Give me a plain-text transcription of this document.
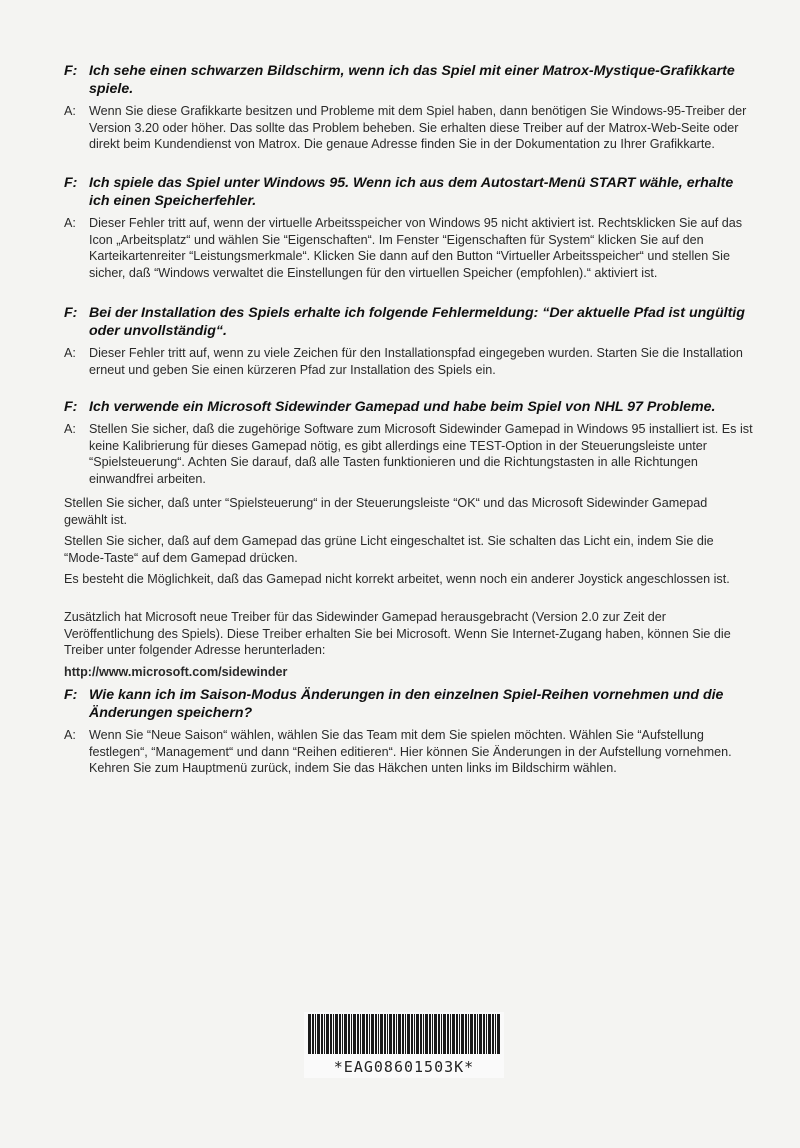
F: Ich sehe einen schwarzen Bildschirm, wenn ich das Spiel mit einer Matrox-Mystique-Grafikkarte spiele.
A:	Wenn Sie diese Grafikkarte besitzen und Probleme mit dem Spiel haben, dann benötigen Sie Windows-95-Treiber der Version 3.20 oder höher. Das sollte das Problem beheben. Sie erhalten diese Treiber auf der Matrox-Web-Seite oder direkt beim Kundendienst von Matrox. Die genaue Adresse finden Sie in der Dokumentation zu Ihrer Grafikkarte.
F: Ich spiele das Spiel unter Windows 95. Wenn ich aus dem Autostart-Menü START wähle, erhalte ich einen Speicherfehler.
A:	Dieser Fehler tritt auf, wenn der virtuelle Arbeitsspeicher von Windows 95 nicht aktiviert ist. Rechtsklicken Sie auf das Icon „Arbeitsplatz“ und wählen Sie “Eigenschaften“. Im Fenster “Eigenschaften für System“ klicken Sie auf den Karteikartenreiter “Leistungsmerkmale“. Klicken Sie dann auf den Button “Virtueller Arbeitsspeicher“ und stellen Sie sicher, daß “Windows verwaltet die Einstellungen für den virtuellen Speicher (empfohlen).“ aktiviert ist.
F: Bei der Installation des Spiels erhalte ich folgende Fehlermeldung: “Der aktuelle Pfad ist ungültig oder unvollständig“.
A:	Dieser Fehler tritt auf, wenn zu viele Zeichen für den Installationspfad eingegeben wurden. Starten Sie die Installation erneut und geben Sie einen kürzeren Pfad zur Installation des Spiels ein.
F: Ich verwende ein Microsoft Sidewinder Gamepad und habe beim Spiel von NHL 97 Probleme.
A:	Stellen Sie sicher, daß die zugehörige Software zum Microsoft Sidewinder Gamepad in Windows 95 installiert ist. Es ist keine Kalibrierung für dieses Gamepad nötig, es gibt allerdings eine TEST-Option in der Steuerungsleiste unter “Spielsteuerung“. Achten Sie darauf, daß alle Tasten funktionieren und die Richtungstasten in alle Richtungen einwandfrei arbeiten.
Stellen Sie sicher, daß unter “Spielsteuerung“ in der Steuerungsleiste “OK“ und das Microsoft Sidewinder Gamepad gewählt ist.
Stellen Sie sicher, daß auf dem Gamepad das grüne Licht eingeschaltet ist. Sie schalten das Licht ein, indem Sie die “Mode-Taste“ auf dem Gamepad drücken.
Es besteht die Möglichkeit, daß das Gamepad nicht korrekt arbeitet, wenn noch ein anderer Joystick angeschlossen ist.
Zusätzlich hat Microsoft neue Treiber für das Sidewinder Gamepad herausgebracht (Version 2.0 zur Zeit der Veröffentlichung des Spiels). Diese Treiber erhalten Sie bei Microsoft. Wenn Sie Internet-Zugang haben, können Sie die Treiber unter folgender Adresse herunterladen:
http://www.microsoft.com/sidewinder
F: Wie kann ich im Saison-Modus Änderungen in den einzelnen Spiel-Reihen vornehmen und die Änderungen speichern?
A:	Wenn Sie “Neue Saison“ wählen, wählen Sie das Team mit dem Sie spielen möchten. Wählen Sie “Aufstellung festlegen“, “Management“ und dann “Reihen editieren“. Hier können Sie Änderungen in der Aufstellung vornehmen. Kehren Sie zum Hauptmenü zurück, indem Sie das Häkchen unten links im Bildschirm wählen.
*EAG08601503K*
